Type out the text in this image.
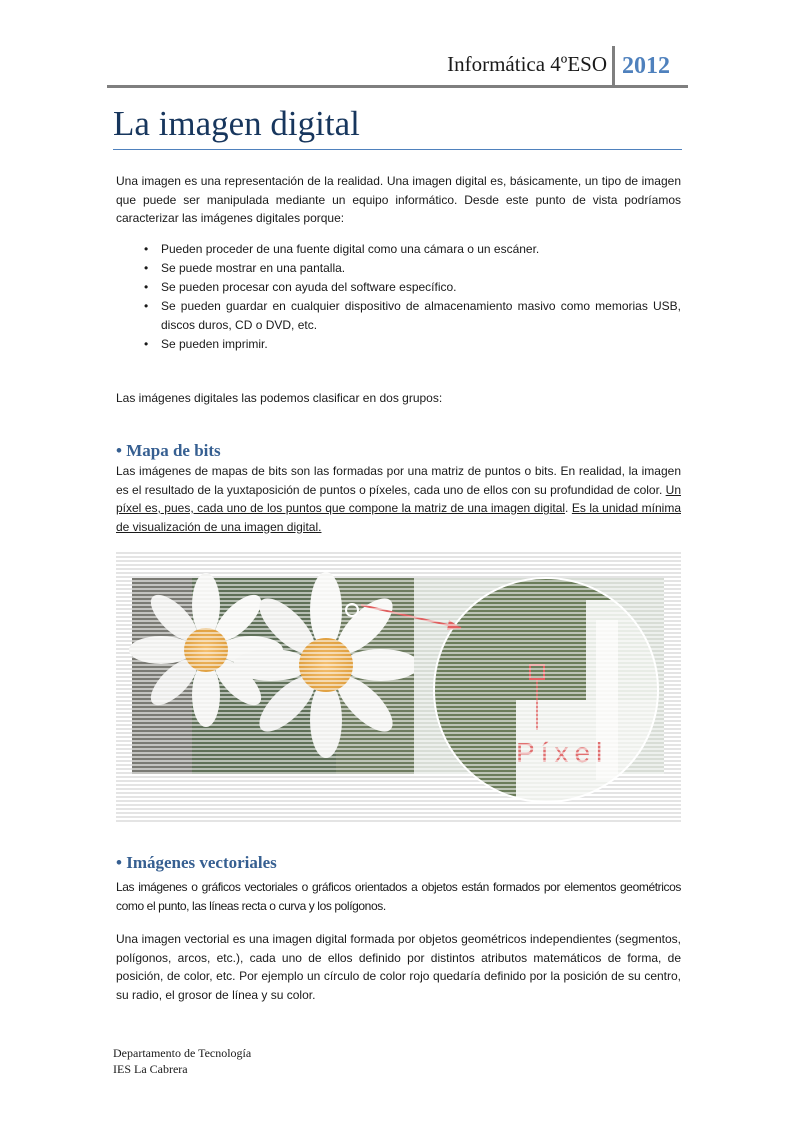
Informática 4ºESO 2012
La imagen digital

Una imagen es una representación de la realidad. Una imagen digital es, básicamente, un tipo de imagen que puede ser manipulada mediante un equipo informático. Desde este punto de vista podríamos caracterizar las imágenes digitales porque:

• Pueden proceder de una fuente digital como una cámara o un escáner.
• Se puede mostrar en una pantalla.
• Se pueden procesar con ayuda del software específico.
• Se pueden guardar en cualquier dispositivo de almacenamiento masivo como memorias USB, discos duros, CD o DVD, etc.
• Se pueden imprimir.

Las imágenes digitales las podemos clasificar en dos grupos:

• Mapa de bits

Las imágenes de mapas de bits son las formadas por una matriz de puntos o bits. En realidad, la imagen es el resultado de la yuxtaposición de puntos o píxeles, cada uno de ellos con su profundidad de color. Un píxel es, pues, cada uno de los puntos que compone la matriz de una imagen digital. Es la unidad mínima de visualización de una imagen digital.

• Imágenes vectoriales

Las imágenes o gráficos vectoriales o gráficos orientados a objetos están formados por elementos geométricos como el punto, las líneas recta o curva y los polígonos.

Una imagen vectorial es una imagen digital formada por objetos geométricos independientes (segmentos, polígonos, arcos, etc.), cada uno de ellos definido por distintos atributos matemáticos de forma, de posición, de color, etc. Por ejemplo un círculo de color rojo quedaría definido por la posición de su centro, su radio, el grosor de línea y su color.

Departamento de Tecnología
IES La Cabrera
